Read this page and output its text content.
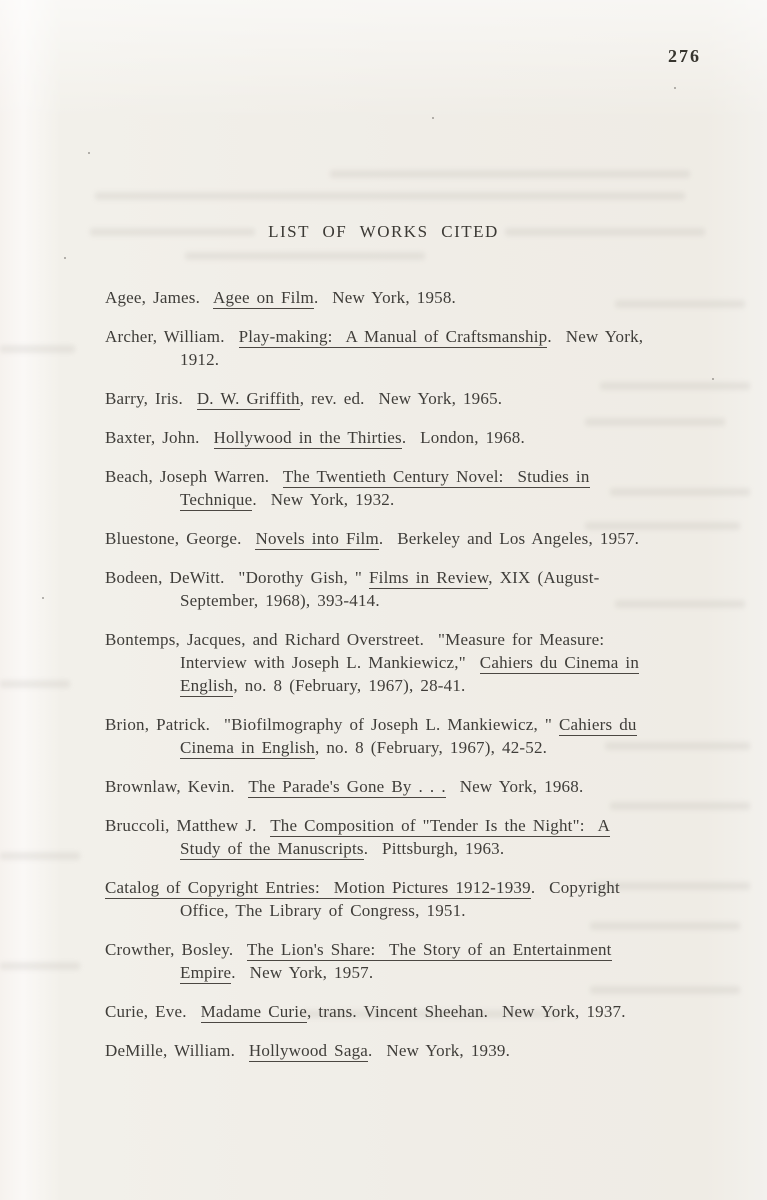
276
LIST OF WORKS CITED
Agee, James.  Agee on Film.  New York, 1958.
Archer, William.  Play-making:  A Manual of Craftsmanship.  New York,
1912.
Barry, Iris.  D. W. Griffith, rev. ed.  New York, 1965.
Baxter, John.  Hollywood in the Thirties.  London, 1968.
Beach, Joseph Warren.  The Twentieth Century Novel:  Studies in
Technique.  New York, 1932.
Bluestone, George.  Novels into Film.  Berkeley and Los Angeles, 1957.
Bodeen, DeWitt.  "Dorothy Gish, " Films in Review, XIX (August-
September, 1968), 393-414.
Bontemps, Jacques, and Richard Overstreet.  "Measure for Measure:
Interview with Joseph L. Mankiewicz,"  Cahiers du Cinema in
English, no. 8 (February, 1967), 28-41.
Brion, Patrick.  "Biofilmography of Joseph L. Mankiewicz, " Cahiers du
Cinema in English, no. 8 (February, 1967), 42-52.
Brownlaw, Kevin.  The Parade's Gone By . . .  New York, 1968.
Bruccoli, Matthew J.  The Composition of "Tender Is the Night":  A
Study of the Manuscripts.  Pittsburgh, 1963.
Catalog of Copyright Entries:  Motion Pictures 1912-1939.  Copyright
Office, The Library of Congress, 1951.
Crowther, Bosley.  The Lion's Share:  The Story of an Entertainment
Empire.  New York, 1957.
Curie, Eve.  Madame Curie, trans. Vincent Sheehan.  New York, 1937.
DeMille, William.  Hollywood Saga.  New York, 1939.
